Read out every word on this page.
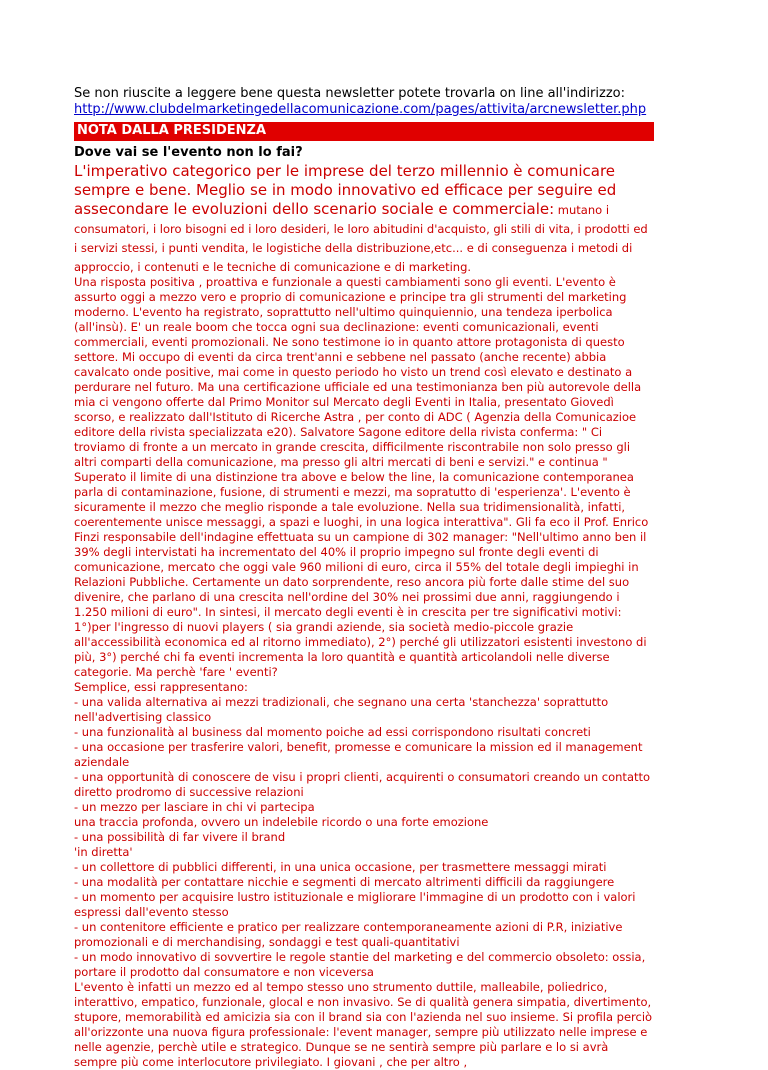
Se non riuscite a leggere bene questa newsletter potete trovarla on line all'indirizzo:
http://www.clubdelmarketingedellacomunicazione.com/pages/attivita/arcnewsletter.php
NOTA DALLA PRESIDENZA
Dove vai se l'evento non lo fai?
L'imperativo categorico per le imprese del terzo millennio è comunicare sempre e bene. Meglio se in modo innovativo ed efficace per seguire ed assecondare le evoluzioni dello scenario sociale e commerciale: mutano i consumatori, i loro bisogni ed i loro desideri, le loro abitudini d'acquisto, gli stili di vita, i prodotti ed i servizi stessi, i punti vendita, le logistiche della distribuzione,etc... e di conseguenza i metodi di approccio, i contenuti e le tecniche di comunicazione e di marketing.

Una risposta positiva , proattiva e funzionale a questi cambiamenti sono gli eventi. L'evento è assurto oggi a mezzo vero e proprio di comunicazione e principe tra gli strumenti del marketing moderno. L'evento ha registrato, soprattutto nell'ultimo quinquiennio, una tendeza iperbolica (all'insù). E' un reale boom che tocca ogni sua declinazione: eventi comunicazionali, eventi commerciali, eventi promozionali. Ne sono testimone io in quanto attore protagonista di questo settore. Mi occupo di eventi da circa trent'anni e sebbene nel passato (anche recente) abbia cavalcato onde positive, mai come in questo periodo ho visto un trend così elevato e destinato a perdurare nel futuro. Ma una certificazione ufficiale ed una testimonianza ben più autorevole della mia ci vengono offerte dal Primo Monitor sul Mercato degli Eventi in Italia, presentato Giovedì scorso, e realizzato dall'Istituto di Ricerche Astra , per conto di ADC ( Agenzia della Comunicazioe editore della rivista specializzata e20). Salvatore Sagone editore della rivista conferma: " Ci troviamo di fronte a un mercato in grande crescita, difficilmente riscontrabile non solo presso gli altri comparti della comunicazione, ma presso gli altri mercati di beni e servizi." e continua " Superato il limite di una distinzione tra above e below the line, la comunicazione contemporanea parla di contaminazione, fusione, di strumenti e mezzi, ma sopratutto di 'esperienza'. L'evento è sicuramente il mezzo che meglio risponde a tale evoluzione. Nella sua tridimensionalità, infatti, coerentemente unisce messaggi, a spazi e luoghi, in una logica interattiva". Gli fa eco il Prof. Enrico Finzi responsabile dell'indagine effettuata su un campione di 302 manager: "Nell'ultimo anno ben il 39% degli intervistati ha incrementato del 40% il proprio impegno sul fronte degli eventi di comunicazione, mercato che oggi vale 960 milioni di euro, circa il 55% del totale degli impieghi in Relazioni Pubbliche. Certamente un dato sorprendente, reso ancora più forte dalle stime del suo divenire, che parlano di una crescita nell'ordine del 30% nei prossimi due anni, raggiungendo i 1.250 milioni di euro". In sintesi, il mercato degli eventi è in crescita per tre significativi motivi: 1°)per l'ingresso di nuovi players ( sia grandi aziende, sia società medio-piccole grazie all'accessibilità economica ed al ritorno immediato), 2°) perché gli utilizzatori esistenti investono di più, 3°) perché chi fa eventi incrementa la loro quantità e quantità articolandoli nelle diverse categorie. Ma perchè 'fare ' eventi?

Semplice, essi rappresentano:

- una valida alternativa ai mezzi tradizionali, che segnano una certa 'stanchezza' soprattutto nell'advertising classico

- una funzionalità al business dal momento poiche ad essi corrispondono risultati concreti

- una occasione per trasferire valori, benefit, promesse e comunicare la mission ed il management aziendale

- una opportunità di conoscere de visu i propri clienti, acquirenti o consumatori creando un contatto diretto prodromo di successive relazioni

- un mezzo per lasciare in chi vi partecipa

una traccia profonda, ovvero un indelebile ricordo o una forte emozione

- una possibilità di far vivere il brand

'in diretta'

- un collettore di pubblici differenti, in una unica occasione, per trasmettere messaggi mirati

- una modalità per contattare nicchie e segmenti di mercato altrimenti difficili da raggiungere

- un momento per acquisire lustro istituzionale e migliorare l'immagine di un prodotto con i valori espressi dall'evento stesso

- un contenitore efficiente e pratico per realizzare contemporaneamente azioni di P.R, iniziative promozionali e di merchandising, sondaggi e test quali-quantitativi

- un modo innovativo di sovvertire le regole stantie del marketing e del commercio obsoleto: ossia, portare il prodotto dal consumatore e non viceversa

L'evento è infatti un mezzo ed al tempo stesso uno strumento duttile, malleabile, poliedrico, interattivo, empatico, funzionale, glocal e non invasivo. Se di qualità genera simpatia, divertimento, stupore, memorabilità ed amicizia sia con il brand sia con l'azienda nel suo insieme. Si profila perciò all'orizzonte una nuova figura professionale: l'event manager, sempre più utilizzato nelle imprese e nelle agenzie, perchè utile e strategico. Dunque se ne sentirà sempre più parlare e lo si avrà sempre più come interlocutore privilegiato. I giovani , che per altro ,
